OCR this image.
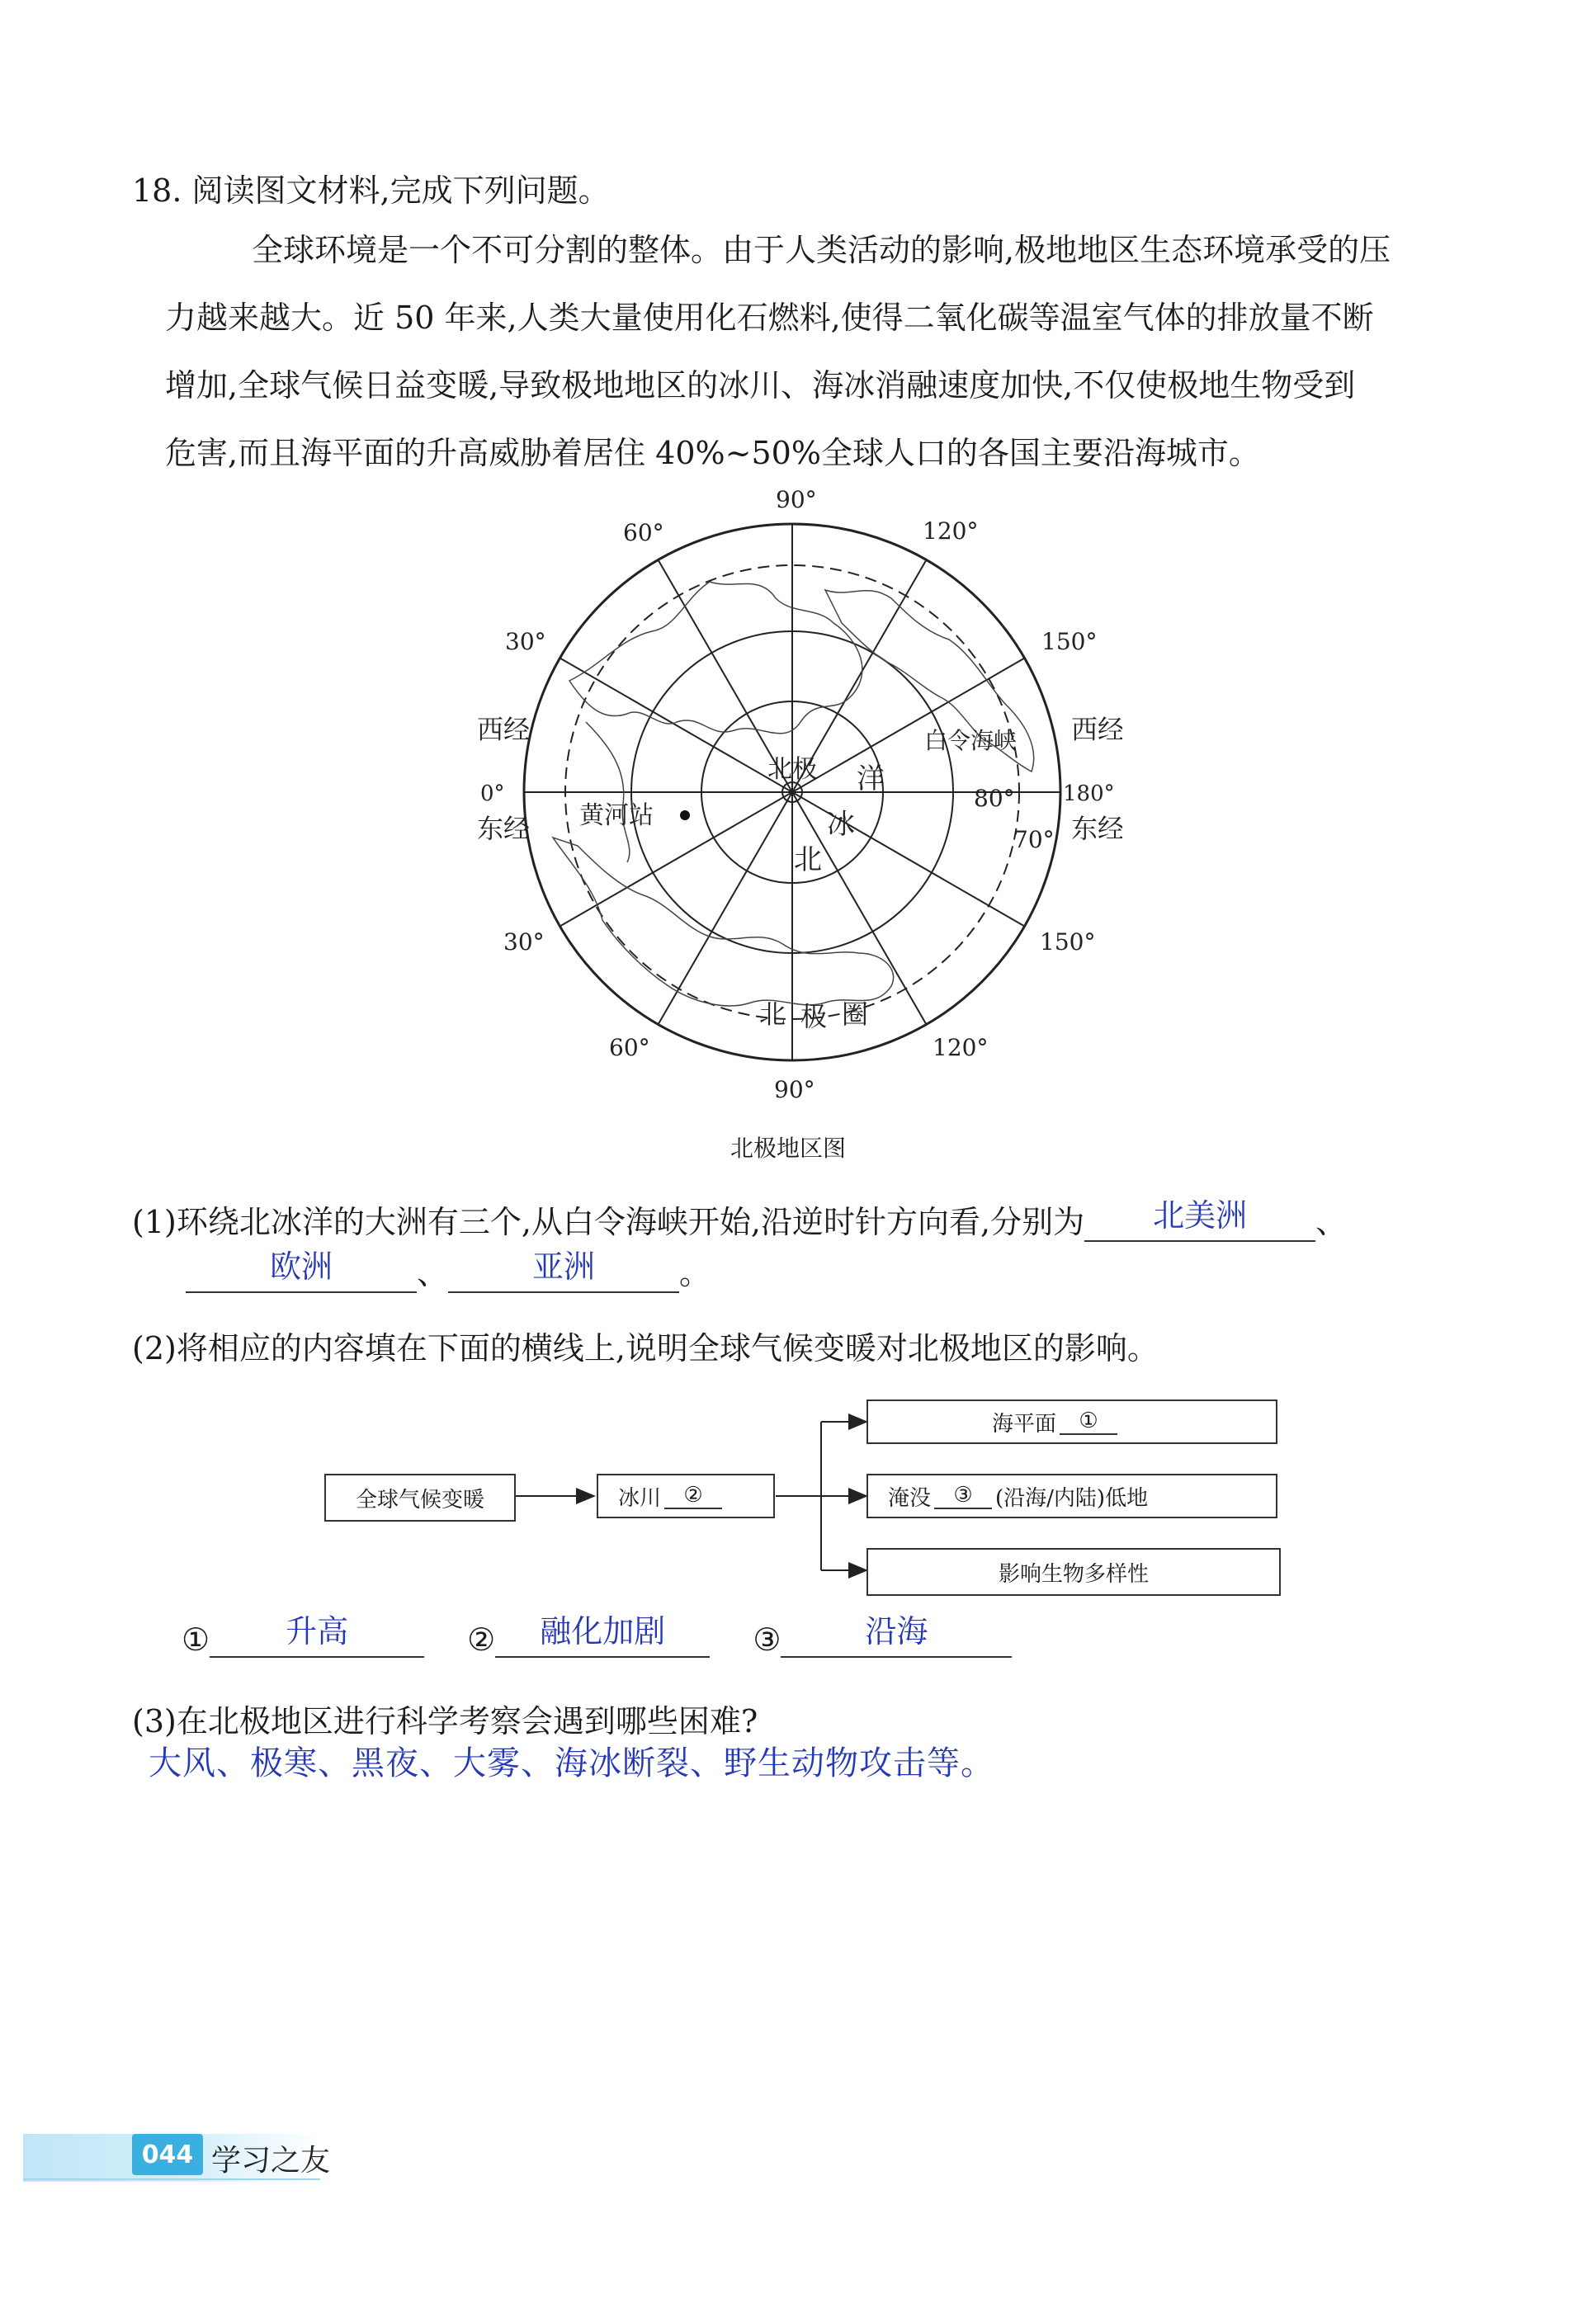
18. 阅读图文材料,完成下列问题。

全球环境是一个不可分割的整体。由于人类活动的影响,极地地区生态环境承受的压

力越来越大。近 50 年来,人类大量使用化石燃料,使得二氧化碳等温室气体的排放量不断

增加,全球气候日益变暖,导致极地地区的冰川、海冰消融速度加快,不仅使极地生物受到

危害,而且海平面的升高威胁着居住 40%~50%全球人口的各国主要沿海城市。

90°
90°
60°	120°
30°	150°
30°	150°
60°	120°
西经
0°
东经
西经
180°
东经
80°
70°
北极
黄河站
白令海峡
洋
冰
北
北 极 圈
北极地区图
(1)环绕北冰洋的大洲有三个,从白令海峡开始,沿逆时针方向看,分别为	北美洲	、
欧洲	、	亚洲	。
(2)将相应的内容填在下面的横线上,说明全球气候变暖对北极地区的影响。
全球气候变暖	冰川	②
海平面	①
淹没	③	(沿海/内陆)低地
影响生物多样性
①	升高	②	融化加剧	③	沿海
(3)在北极地区进行科学考察会遇到哪些困难?
大风、极寒、黑夜、大雾、海冰断裂、野生动物攻击等。
044 学习之友
